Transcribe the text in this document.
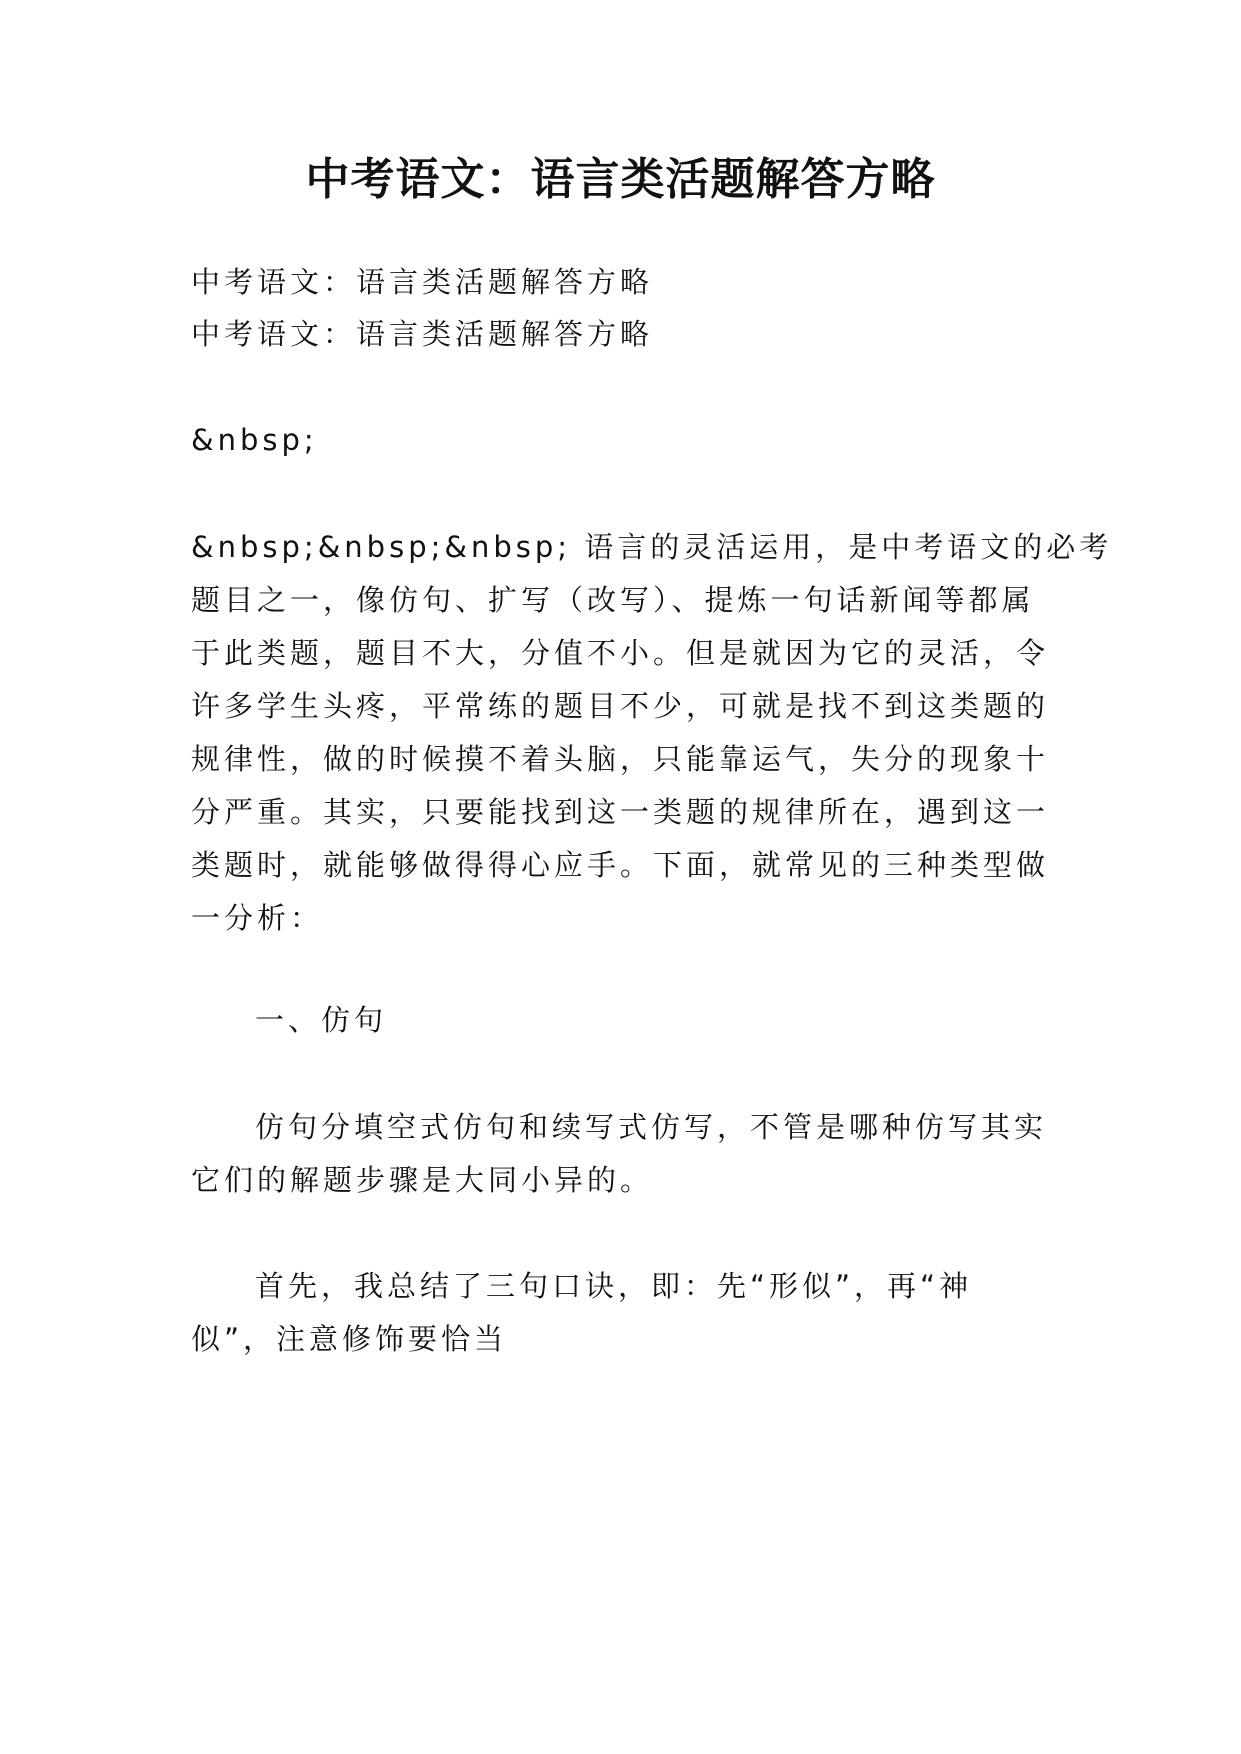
中考语文：语言类活题解答方略

中考语文：语言类活题解答方略

中考语文：语言类活题解答方略

&nbsp;

&nbsp;&nbsp;&nbsp; 语言的灵活运用，是中考语文的必考

题目之一，像仿句、扩写（改写）、提炼一句话新闻等都属

于此类题，题目不大，分值不小。但是就因为它的灵活，令

许多学生头疼，平常练的题目不少，可就是找不到这类题的

规律性，做的时候摸不着头脑，只能靠运气，失分的现象十

分严重。其实，只要能找到这一类题的规律所在，遇到这一

类题时，就能够做得得心应手。下面，就常见的三种类型做

一分析：

一、仿句

仿句分填空式仿句和续写式仿写，不管是哪种仿写其实

它们的解题步骤是大同小异的。

首先，我总结了三句口诀，即：先“形似”，再“神

似”，注意修饰要恰当
